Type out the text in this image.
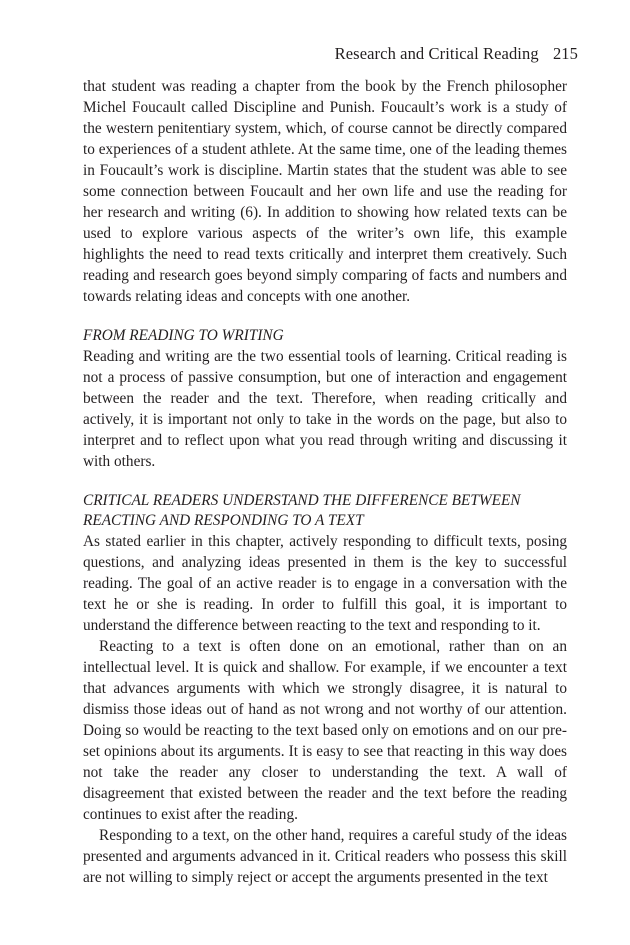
Research and Critical Reading 215

that student was reading a chapter from the book by the French philosopher Michel Foucault called Discipline and Punish. Foucault’s work is a study of the western penitentiary system, which, of course cannot be directly compared to experiences of a student athlete. At the same time, one of the leading themes in Foucault’s work is discipline. Martin states that the student was able to see some connection between Foucault and her own life and use the reading for her research and writing (6). In addition to showing how related texts can be used to explore various aspects of the writer’s own life, this example highlights the need to read texts critically and interpret them creatively. Such reading and research goes beyond simply comparing of facts and numbers and towards relating ideas and concepts with one another.

FROM READING TO WRITING

Reading and writing are the two essential tools of learning. Critical reading is not a process of passive consumption, but one of interaction and engagement between the reader and the text. Therefore, when reading critically and actively, it is important not only to take in the words on the page, but also to interpret and to reflect upon what you read through writing and discussing it with others.

CRITICAL READERS UNDERSTAND THE DIFFERENCE BETWEEN REACTING AND RESPONDING TO A TEXT

As stated earlier in this chapter, actively responding to difficult texts, posing questions, and analyzing ideas presented in them is the key to successful reading. The goal of an active reader is to engage in a conversation with the text he or she is reading. In order to fulfill this goal, it is important to understand the difference between reacting to the text and responding to it.

Reacting to a text is often done on an emotional, rather than on an intellectual level. It is quick and shallow. For example, if we encounter a text that advances arguments with which we strongly disagree, it is natural to dismiss those ideas out of hand as not wrong and not worthy of our attention. Doing so would be reacting to the text based only on emotions and on our pre-set opinions about its arguments. It is easy to see that reacting in this way does not take the reader any closer to understanding the text. A wall of disagreement that existed between the reader and the text before the reading continues to exist after the reading.

Responding to a text, on the other hand, requires a careful study of the ideas presented and arguments advanced in it. Critical readers who possess this skill are not willing to simply reject or accept the arguments presented in the text
